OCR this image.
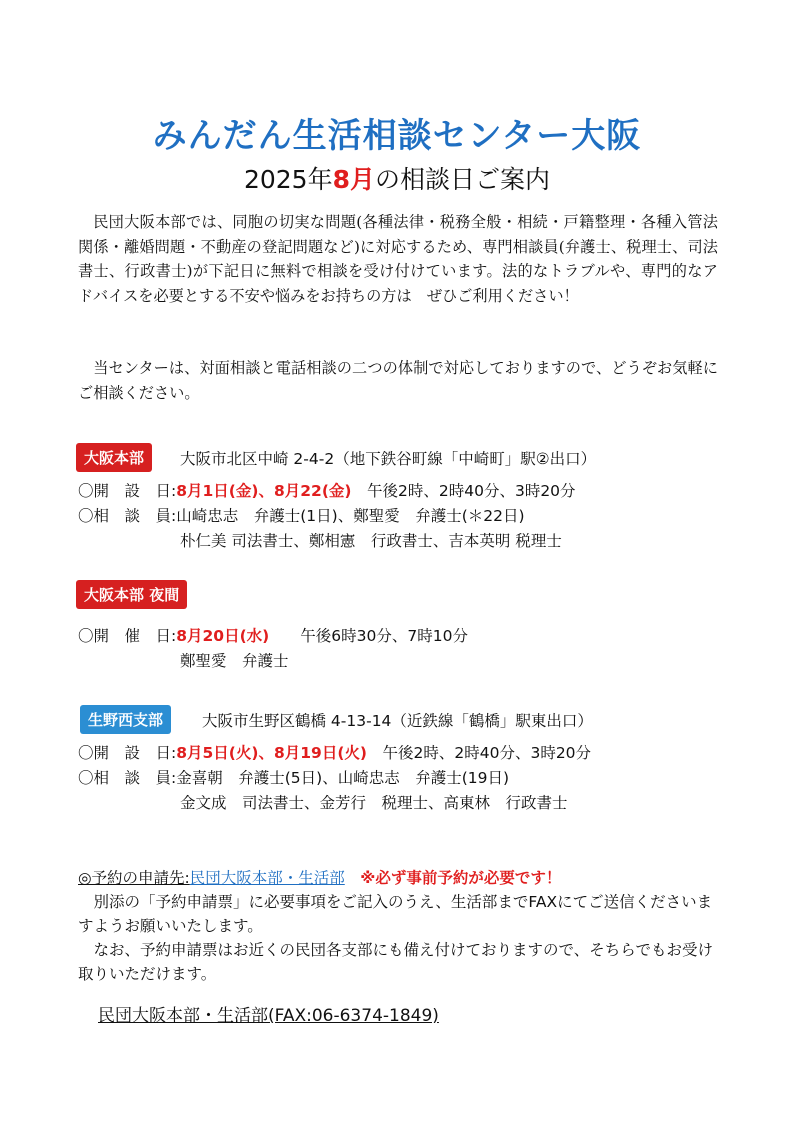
みんだん生活相談センター大阪
2025年8月の相談日ご案内
民団大阪本部では、同胞の切実な問題(各種法律・税務全般・相続・戸籍整理・各種入管法関係・離婚問題・不動産の登記問題など)に対応するため、専門相談員(弁護士、税理士、司法書士、行政書士)が下記日に無料で相談を受け付けています。法的なトラブルや、専門的なアドバイスを必要とする不安や悩みをお持ちの方は　ぜひご利用ください！
当センターは、対面相談と電話相談の二つの体制で対応しておりますので、どうぞお気軽にご相談ください。
大阪本部	大阪市北区中崎 2-4-2（地下鉄谷町線「中崎町」駅②出口）
〇開　設　日:8月1日(金)、8月22(金)　 午後2時、2時40分、3時20分
〇相　談　員:山崎忠志　弁護士(1日)、鄭聖愛　弁護士(＊22日)
朴仁美 司法書士、鄭相憲　行政書士、吉本英明 税理士
大阪本部 夜間
〇開　催　日:8月20日(水)　　 午後6時30分、7時10分
鄭聖愛　弁護士
生野西支部	大阪市生野区鶴橋 4-13-14（近鉄線「鶴橋」駅東出口）
〇開　設　日:8月5日(火)、8月19日(火)　 午後2時、2時40分、3時20分
〇相　談　員:金喜朝　弁護士(5日)、山崎忠志　弁護士(19日)
金文成　司法書士、金芳行　税理士、高東林　行政書士
◎予約の申請先:民団大阪本部・生活部　 ※必ず事前予約が必要です！
別添の「予約申請票」に必要事項をご記入のうえ、生活部までFAXにてご送信くださいますようお願いいたします。
なお、予約申請票はお近くの民団各支部にも備え付けておりますので、そちらでもお受け取りいただけます。
民団大阪本部・生活部(FAX:06-6374-1849)
